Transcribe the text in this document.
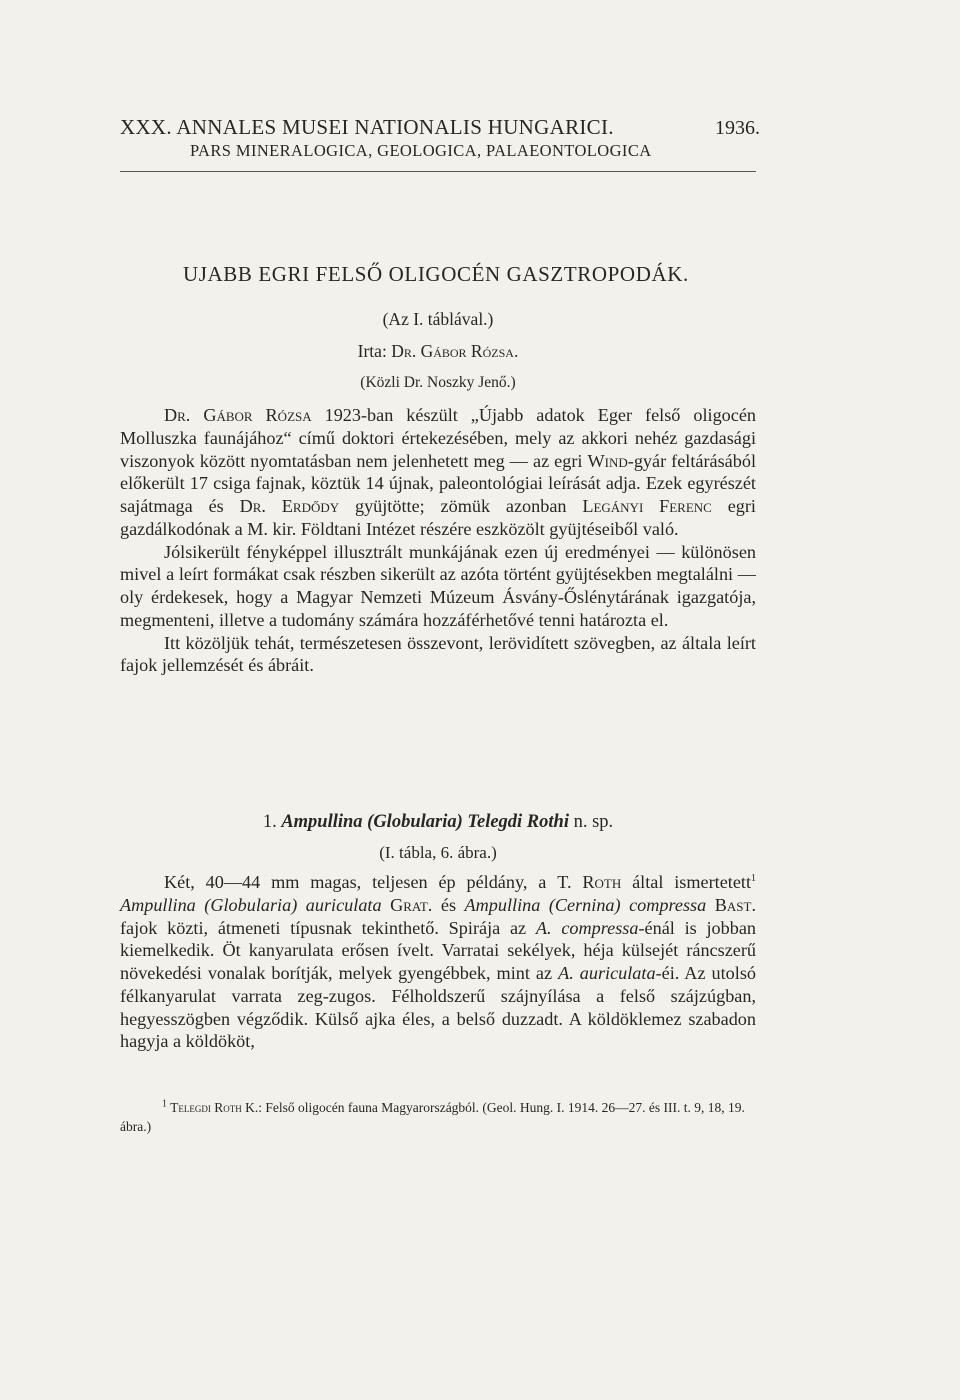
XXX. ANNALES MUSEI NATIONALIS HUNGARICI.	1936.
PARS MINERALOGICA, GEOLOGICA, PALAEONTOLOGICA
UJABB EGRI FELSŐ OLIGOCÉN GASZTROPODÁK.
(Az I. táblával.)
Irta: Dr. Gábor Rózsa.
(Közli Dr. Noszky Jenő.)

Dr. Gábor Rózsa 1923-ban készült „Újabb adatok Eger felső oligocén Molluszka faunájához“ című doktori értekezésében, mely az akkori nehéz gazdasági viszonyok között nyomtatásban nem jelenhetett meg — az egri Wind-gyár feltárásából előkerült 17 csiga fajnak, köztük 14 újnak, paleontológiai leírását adja. Ezek egyrészét sajátmaga és Dr. Erdődy gyüjtötte; zömük azonban Legányi Ferenc egri gazdálkodónak a M. kir. Földtani Intézet részére eszközölt gyüjtéseiből való.

Jólsikerült fényképpel illusztrált munkájának ezen új eredményei — különösen mivel a leírt formákat csak részben sikerült az azóta történt gyüjtésekben megtalálni — oly érdekesek, hogy a Magyar Nemzeti Múzeum Ásvány-Őslénytárának igazgatója, megmenteni, illetve a tudomány számára hozzáférhetővé tenni határozta el.

Itt közöljük tehát, természetesen összevont, lerövidített szövegben, az általa leírt fajok jellemzését és ábráit.

1. Ampullina (Globularia) Telegdi Rothi n. sp.
(I. tábla, 6. ábra.)

Két, 40—44 mm magas, teljesen ép példány, a T. Roth által ismertetett$^1$ Ampullina (Globularia) auriculata Grat. és Ampullina (Cernina) compressa Bast. fajok közti, átmeneti típusnak tekinthető. Spirája az A. compressa-énál is jobban kiemelkedik. Öt kanyarulata erősen ívelt. Varratai sekélyek, héja külsejét ráncszerű növekedési vonalak borítják, melyek gyengébbek, mint az A. auriculata-éi. Az utolsó félkanyarulat varrata zeg-zugos. Félholdszerű szájnyílása a felső szájzúgban, hegyesszögben végződik. Külső ajka éles, a belső duzzadt. A köldöklemez szabadon hagyja a köldököt,

$^1$ Telegdi Roth K.: Felső oligocén fauna Magyarországból. (Geol. Hung. I. 1914. 26—27. és III. t. 9, 18, 19. ábra.)
